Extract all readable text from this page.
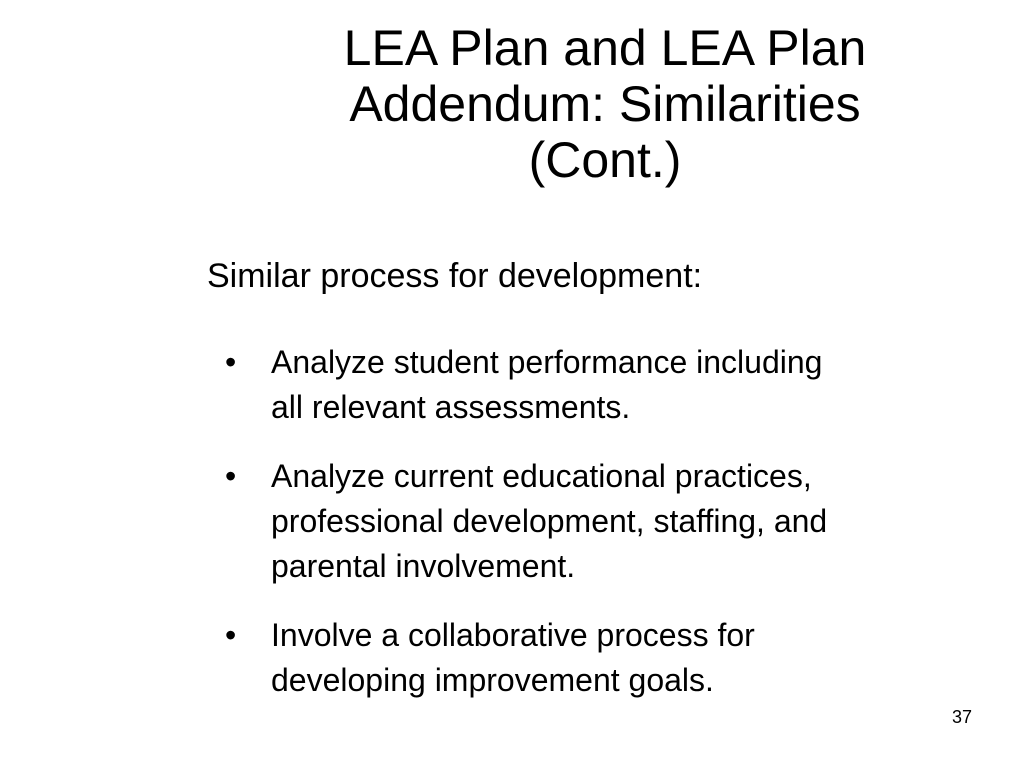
LEA Plan and LEA Plan
Addendum: Similarities
(Cont.)
Similar process for development:
• Analyze student performance including
all relevant assessments.
• Analyze current educational practices,
professional development, staffing, and
parental involvement.
• Involve a collaborative process for
developing improvement goals.
37
